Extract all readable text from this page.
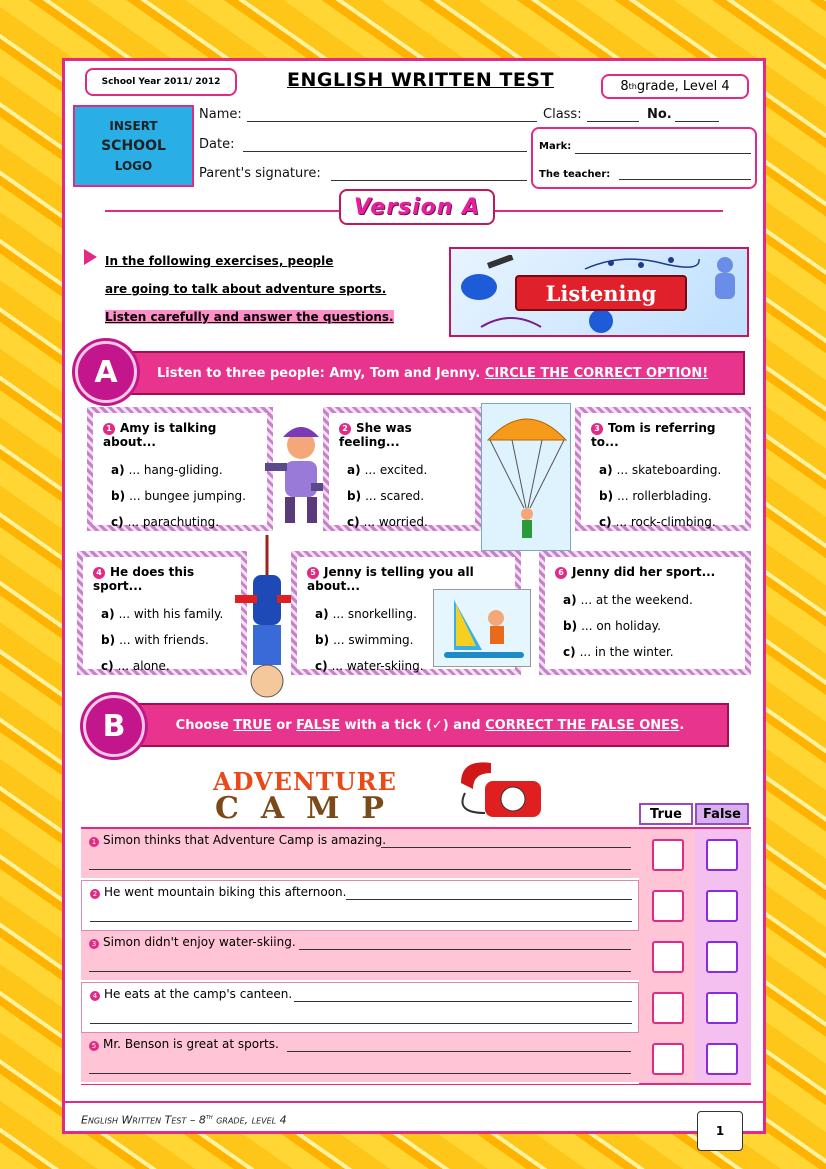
School Year 2011/ 2012	ENGLISH WRITTEN TEST	8 th grade, Level 4
INSERT
SCHOOL
LOGO
Name:	Class:	No.
Date:
Parent's signature:
Mark:
The teacher:
Version A
In the following exercises, people
are going to talk about adventure sports.
Listen carefully and answer the questions.
Listening
Listen to three people: Amy, Tom and Jenny.
CIRCLE THE CORRECT OPTION!
A
1 Amy is talking about...
a) ... hang-gliding.
b) ... bungee jumping.
c) ... parachuting.
2 She was feeling...
a) ... excited.
b) ... scared.
c) ... worried.
3 Tom is referring to...
a) ... skateboarding.
b) ... rollerblading.
c) ... rock-climbing.
4 He does this sport...
a) ... with his family.
b) ... with friends.
c) ... alone.
5 Jenny is telling you all about...
a) ... snorkelling.
b) ... swimming.
c) ... water-skiing.
6 Jenny did her sport...
a) ... at the weekend.
b) ... on holiday.
c) ... in the winter.
Choose TRUE or FALSE with a tick (✓) and CORRECT THE FALSE ONES .
B
ADVENTURE
CAMP	True	False
1 Simon thinks that Adventure Camp is amazing.
2 He went mountain biking this afternoon.
3 Simon didn't enjoy water-skiing.
4 He eats at the camp's canteen.
5 Mr. Benson is great at sports.
English Written Test – 8th grade, level 4
1
